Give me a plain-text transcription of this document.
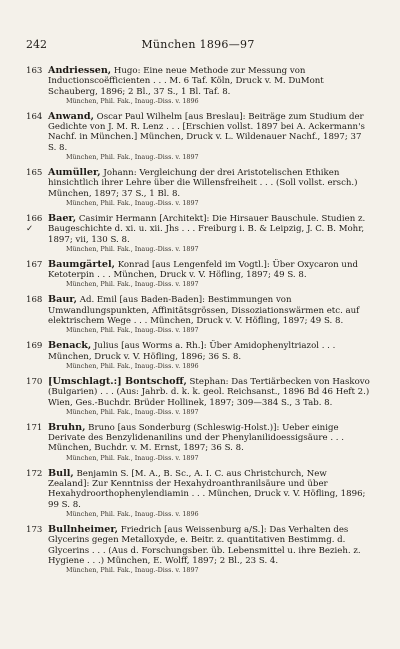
242	München 1896—97
163 Andriessen, Hugo: Eine neue Methode zur Messung von Inductionscoëfficienten . . . M. 6 Taf. Köln, Druck v. M. DuMont Schauberg, 1896; 2 Bl., 37 S., 1 Bl. Taf. 8.

München, Phil. Fak., Inaug.-Diss. v. 1896

164 Anwand, Oscar Paul Wilhelm [aus Breslau]: Beiträge zum Studium der Gedichte von J. M. R. Lenz . . . [Erschien vollst. 1897 bei A. Ackermann's Nachf. in München.] München, Druck v. L. Wildenauer Nachf., 1897; 37 S. 8.

München, Phil. Fak., Inaug.-Diss. v. 1897

165 Aumüller, Johann: Vergleichung der drei Aristotelischen Ethiken hinsichtlich ihrer Lehre über die Willensfreiheit . . . (Soll vollst. ersch.) München, 1897; 37 S., 1 Bl. 8.

München, Phil. Fak., Inaug.-Diss. v. 1897

166 ✓

Baer, Casimir Hermann [Architekt]: Die Hirsauer Bauschule. Studien z. Baugeschichte d. xi. u. xii. Jhs . . . Freiburg i. B. & Leipzig, J. C. B. Mohr, 1897; vii, 130 S. 8.

München, Phil. Fak., Inaug.-Diss. v. 1897

167 Baumgärtel, Konrad [aus Lengenfeld im Vogtl.]: Über Oxycaron und Ketoterpin . . . München, Druck v. V. Höfling, 1897; 49 S. 8.

München, Phil. Fak., Inaug.-Diss. v. 1897

168 Baur, Ad. Emil [aus Baden-Baden]: Bestimmungen von Umwandlungspunkten, Affinitätsgrössen, Dissoziationswärmen etc. auf elektrischem Wege . . . München, Druck v. V. Höfling, 1897; 49 S. 8.

München, Phil. Fak., Inaug.-Diss. v. 1897

169 Benack, Julius [aus Worms a. Rh.]: Über Amidophenyltriazol . . . München, Druck v. V. Höfling, 1896; 36 S. 8.

München, Phil. Fak., Inaug.-Diss. v. 1896

170 [Umschlagt.:] Bontschoff, Stephan: Das Tertiärbecken von Haskovo (Bulgarien) . . . (Aus: Jahrb. d. k. k. geol. Reichsanst., 1896 Bd 46 Heft 2.) Wien, Ges.-Buchdr. Brüder Hollinek, 1897; 309—384 S., 3 Tab. 8.

München, Phil. Fak., Inaug.-Diss. v. 1897

171 Bruhn, Bruno [aus Sonderburg (Schleswig-Holst.)]: Ueber einige Derivate des Benzylidenanilins und der Phenylanilidoessigsäure . . . München, Buchdr. v. M. Ernst, 1897; 36 S. 8.

München, Phil. Fak., Inaug.-Diss. v. 1897

172 Bull, Benjamin S. [M. A., B. Sc., A. I. C. aus Christchurch, New Zealand]: Zur Kenntniss der Hexahydroanthranilsäure und über Hexahydroorthophenylendiamin . . . München, Druck v. V. Höfling, 1896; 99 S. 8.

München, Phil. Fak., Inaug.-Diss. v. 1896

173 Bullnheimer, Friedrich [aus Weissenburg a/S.]: Das Verhalten des Glycerins gegen Metalloxyde, e. Beitr. z. quantitativen Bestimmg. d. Glycerins . . . (Aus d. Forschungsber. üb. Lebensmittel u. ihre Bezieh. z. Hygiene . . .) München, E. Wolff, 1897; 2 Bl., 23 S. 4.

München, Phil. Fak., Inaug.-Diss. v. 1897
